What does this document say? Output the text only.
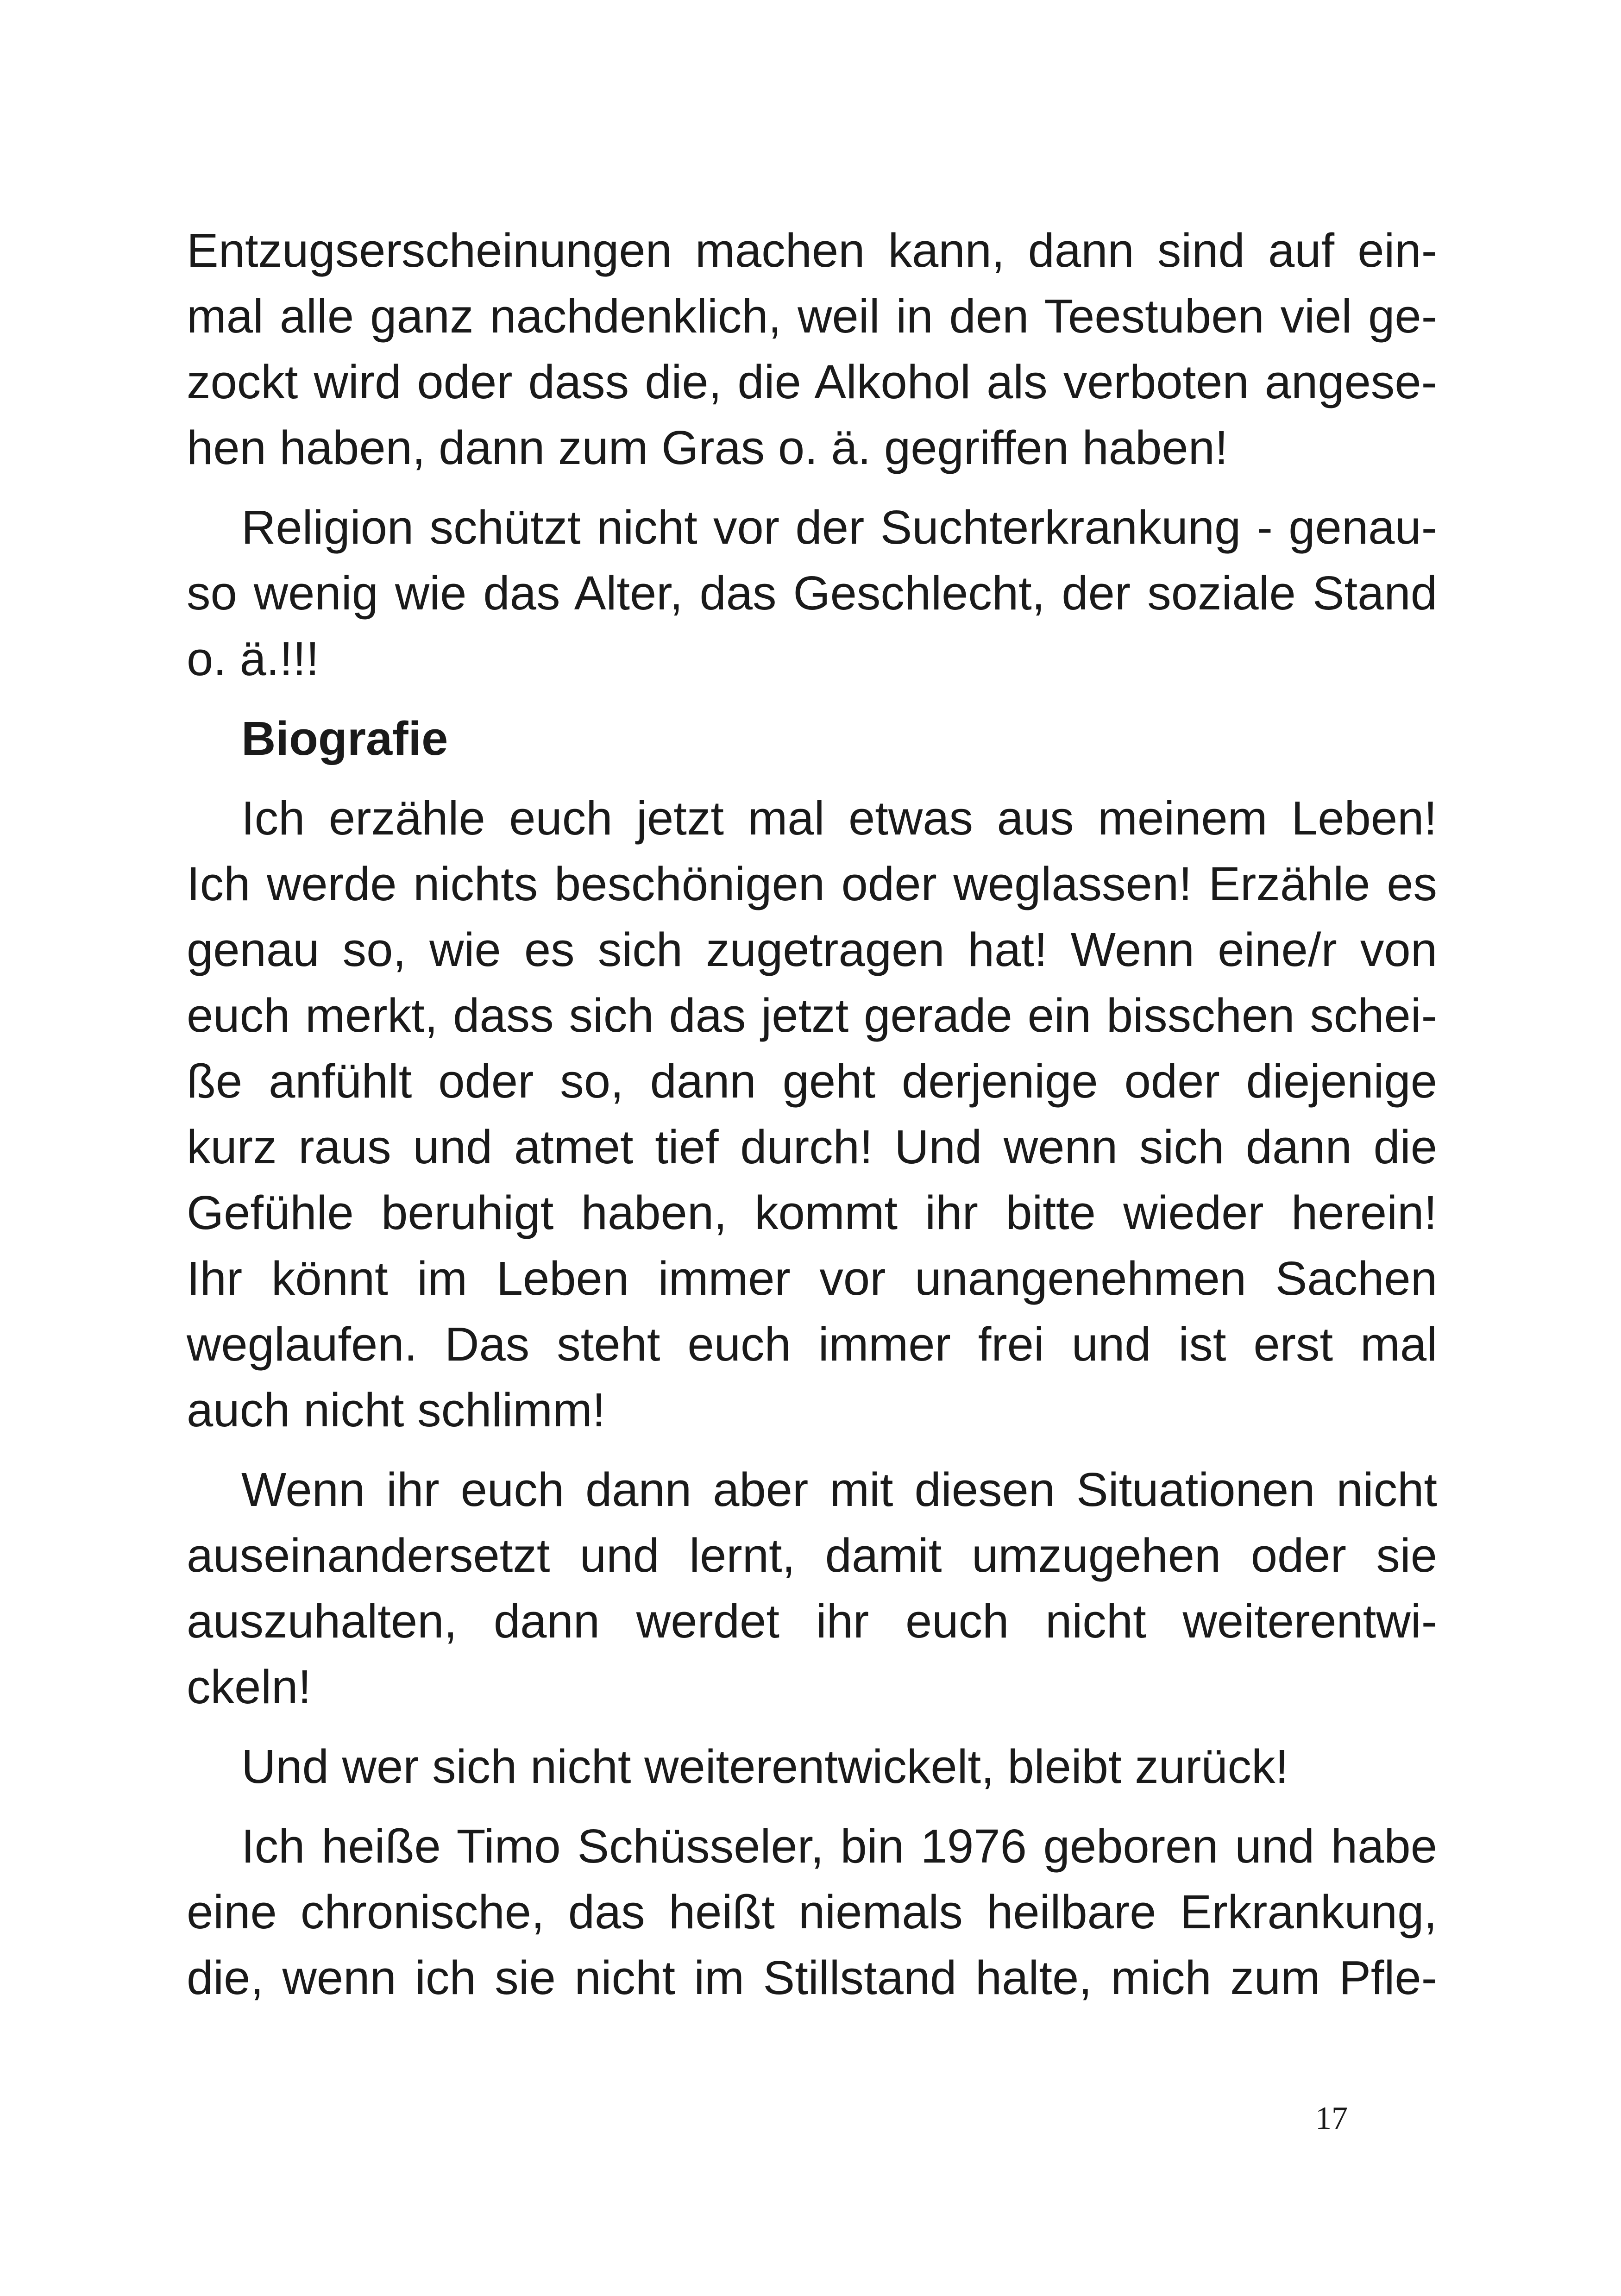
Entzugserscheinungen machen kann, dann sind auf ein-
mal alle ganz nachdenklich, weil in den Teestuben viel ge-
zockt wird oder dass die, die Alkohol als verboten angese-
hen haben, dann zum Gras o. ä. gegriffen haben!
Religion schützt nicht vor der Suchterkrankung - genau-
so wenig wie das Alter, das Geschlecht, der soziale Stand
o. ä.!!!
Biografie
Ich erzähle euch jetzt mal etwas aus meinem Leben!
Ich werde nichts beschönigen oder weglassen! Erzähle es
genau so, wie es sich zugetragen hat! Wenn eine/r von
euch merkt, dass sich das jetzt gerade ein bisschen schei-
ße anfühlt oder so, dann geht derjenige oder diejenige
kurz raus und atmet tief durch! Und wenn sich dann die
Gefühle beruhigt haben, kommt ihr bitte wieder herein!
Ihr könnt im Leben immer vor unangenehmen Sachen
weglaufen. Das steht euch immer frei und ist erst mal
auch nicht schlimm!
Wenn ihr euch dann aber mit diesen Situationen nicht
auseinandersetzt und lernt, damit umzugehen oder sie
auszuhalten, dann werdet ihr euch nicht weiterentwi-
ckeln!
Und wer sich nicht weiterentwickelt, bleibt zurück!
Ich heiße Timo Schüsseler, bin 1976 geboren und habe
eine chronische, das heißt niemals heilbare Erkrankung,
die, wenn ich sie nicht im Stillstand halte, mich zum Pfle-
17
